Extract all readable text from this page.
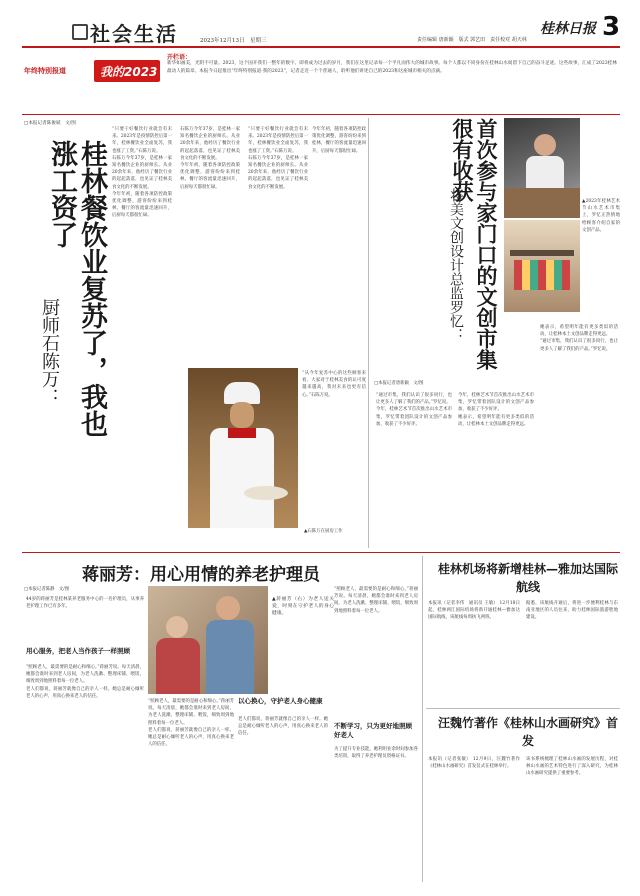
社会生活	2023年12月13日　星期三	责任编辑 唐新颖　版式 郭艺田　责任校对 胡天林
桂林日报 3
年终特别报道	我的2023
开栏语：
新华如画美，光阴不可量。2023，这个国开我们一整年的数字。即将成为过去的岁月，我们在这里记录每一个平凡而伟大的城市故事。每个人都以不同身份在桂林山水间留下自己的奋斗足迹。这些故事，汇成了2023桂林最动人的篇章。本报今日起推出“年终特别报道·我的2023”，记者走近一个个普通人，聆听他们讲述自己的2023和这座城市相关的点滴。
□本报记者陈俊斌　文/图
桂林餐饮业复苏了，我也涨工资了
厨师石陈万：
“只要干好餐饮行业就会有未来。2023年是疫情防控后第一年，桂林餐饮业全面复苏，我也涨了工资。”石陈万说。
石陈万今年37岁，是桂林一家知名餐饮企业的厨师长。从业20余年来，他经历了餐饮行业的起起落落，也见证了桂林美食文化的不断发展。
今年年初，随着各项防控政策优化调整，游客纷纷来到桂林，餐厅的客流量迅速回升，后厨每天都很忙碌。
石陈万今年37岁，是桂林一家知名餐饮企业的厨师长。从业20余年来，他经历了餐饮行业的起起落落，也见证了桂林美食文化的不断发展。
今年年初，随着各项防控政策优化调整，游客纷纷来到桂林，餐厅的客流量迅速回升，后厨每天都很忙碌。
“只要干好餐饮行业就会有未来。2023年是疫情防控后第一年，桂林餐饮业全面复苏，我也涨了工资。”石陈万说。
石陈万今年37岁，是桂林一家知名餐饮企业的厨师长。从业20余年来，他经历了餐饮行业的起起落落，也见证了桂林美食文化的不断发展。
今年年初，随着各项防控政策优化调整，游客纷纷来到桂林，餐厅的客流量迅速回升，后厨每天都很忙碌。
“从今年复苏中心的这些顾客来看，大家对于桂林美食的认可度越来越高，我对未来也更有信心。”石陈万说。
▲石陈万在厨房工作
首次参与家门口的文创市集很有收获
将美文创设计总监罗忆：	▲2023年桂林艺术节山水艺术市集上，罗忆正热情地给顾客介绍自家的文创产品。
□本报记者唐新颖　文/图
“通过市集，我们认识了很多同行，也让更多人了解了我们的产品。”罗忆说。
今年，桂林艺术节首次推出山水艺术市集，罗忆带着团队设计的文创产品参加，收获了不少好评。
今年，桂林艺术节首次推出山水艺术市集，罗忆带着团队设计的文创产品参加，收获了不少好评。
她表示，希望明年能有更多类似的活动，让桂林本土文创品牌走得更远。
她表示，希望明年能有更多类似的活动，让桂林本土文创品牌走得更远。
“通过市集，我们认识了很多同行，也让更多人了解了我们的产品。”罗忆说。
蒋丽芳：用心用情的养老护理员
□本报记者陈静　文/图
用心服务，把老人当作孩子一样照顾
44岁的蒋丽芳是桂林某养老服务中心的一名护理员，从事养老护理工作已有多年。
“照顾老人，最需要的是耐心和细心。”蒋丽芳说。每天清晨，她都会准时来到老人房间，为老人洗漱、整理床铺、喂饭，细致周到地照料着每一位老人。
老人们都说，蒋丽芳就像自己的亲人一样。她总是耐心倾听老人的心声，用真心换来老人的信任。
▲蒋丽芳（右）为老人送关爱，时刻在守护老人的身心健康。
“照顾老人，最需要的是耐心和细心。”蒋丽芳说。每天清晨，她都会准时来到老人房间，为老人洗漱、整理床铺、喂饭，细致周到地照料着每一位老人。
老人们都说，蒋丽芳就像自己的亲人一样。她总是耐心倾听老人的心声，用真心换来老人的信任。
以心换心，守护老人身心健康
老人们都说，蒋丽芳就像自己的亲人一样。她总是耐心倾听老人的心声，用真心换来老人的信任。
“照顾老人，最需要的是耐心和细心。”蒋丽芳说。每天清晨，她都会准时来到老人房间，为老人洗漱、整理床铺、喂饭，细致周到地照料着每一位老人。
不断学习，只为更好地照顾好老人
为了提升专业技能，她利用业余时间参加各类培训，取得了养老护理员资格证书。
桂林机场将新增桂林—雅加达国际航线
本报讯（记者李伟　通讯员 王敏） 12月18日起，桂林两江国际机场将新开通桂林—雅加达国际航线，该航线每周执飞两班。
据悉，该航线开通后，将进一步便利桂林与东南亚地区的人员往来，助力桂林国际旅游胜地建设。
汪魏竹著作《桂林山水画研究》首发
本报讯（记者张敏） 12月9日，汪魏竹著作《桂林山水画研究》首发仪式在桂林举行。
该书系统梳理了桂林山水画的发展历程，对桂林山水画的艺术特色进行了深入研究，为桂林山水画研究提供了重要参考。
